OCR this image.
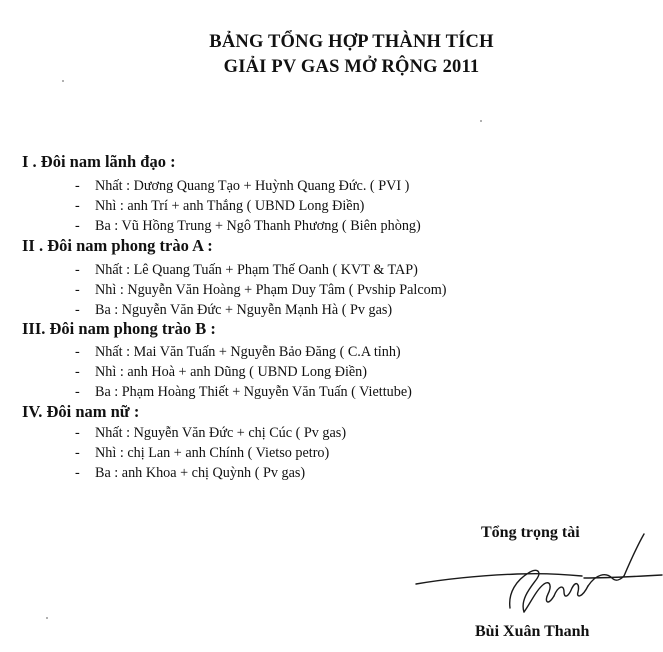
BẢNG TỔNG HỢP THÀNH TÍCH
GIẢI PV GAS MỞ RỘNG 2011
I . Đôi nam lãnh đạo :
- Nhất : Dương Quang Tạo + Huỳnh Quang Đức. ( PVI )
- Nhì : anh Trí + anh Thắng ( UBND Long Điền)
- Ba : Vũ Hồng Trung + Ngô Thanh Phương ( Biên phòng)
II . Đôi nam phong trào A :
- Nhất : Lê Quang Tuấn + Phạm Thế Oanh ( KVT & TAP)
- Nhì : Nguyễn Văn Hoàng + Phạm Duy Tâm ( Pvship Palcom)
- Ba : Nguyễn Văn Đức + Nguyễn Mạnh Hà ( Pv gas)
III. Đôi nam phong trào B :
- Nhất : Mai Văn Tuấn + Nguyễn Bảo Đăng ( C.A tỉnh)
- Nhì : anh Hoà + anh Dũng ( UBND Long Điền)
- Ba : Phạm Hoàng Thiết + Nguyễn Văn Tuấn ( Viettube)
IV. Đôi nam nữ :
- Nhất : Nguyễn Văn Đức + chị Cúc ( Pv gas)
- Nhì : chị Lan + anh Chính ( Vietso petro)
- Ba : anh Khoa + chị Quỳnh ( Pv gas)
Tổng trọng tài
Bùi Xuân Thanh
